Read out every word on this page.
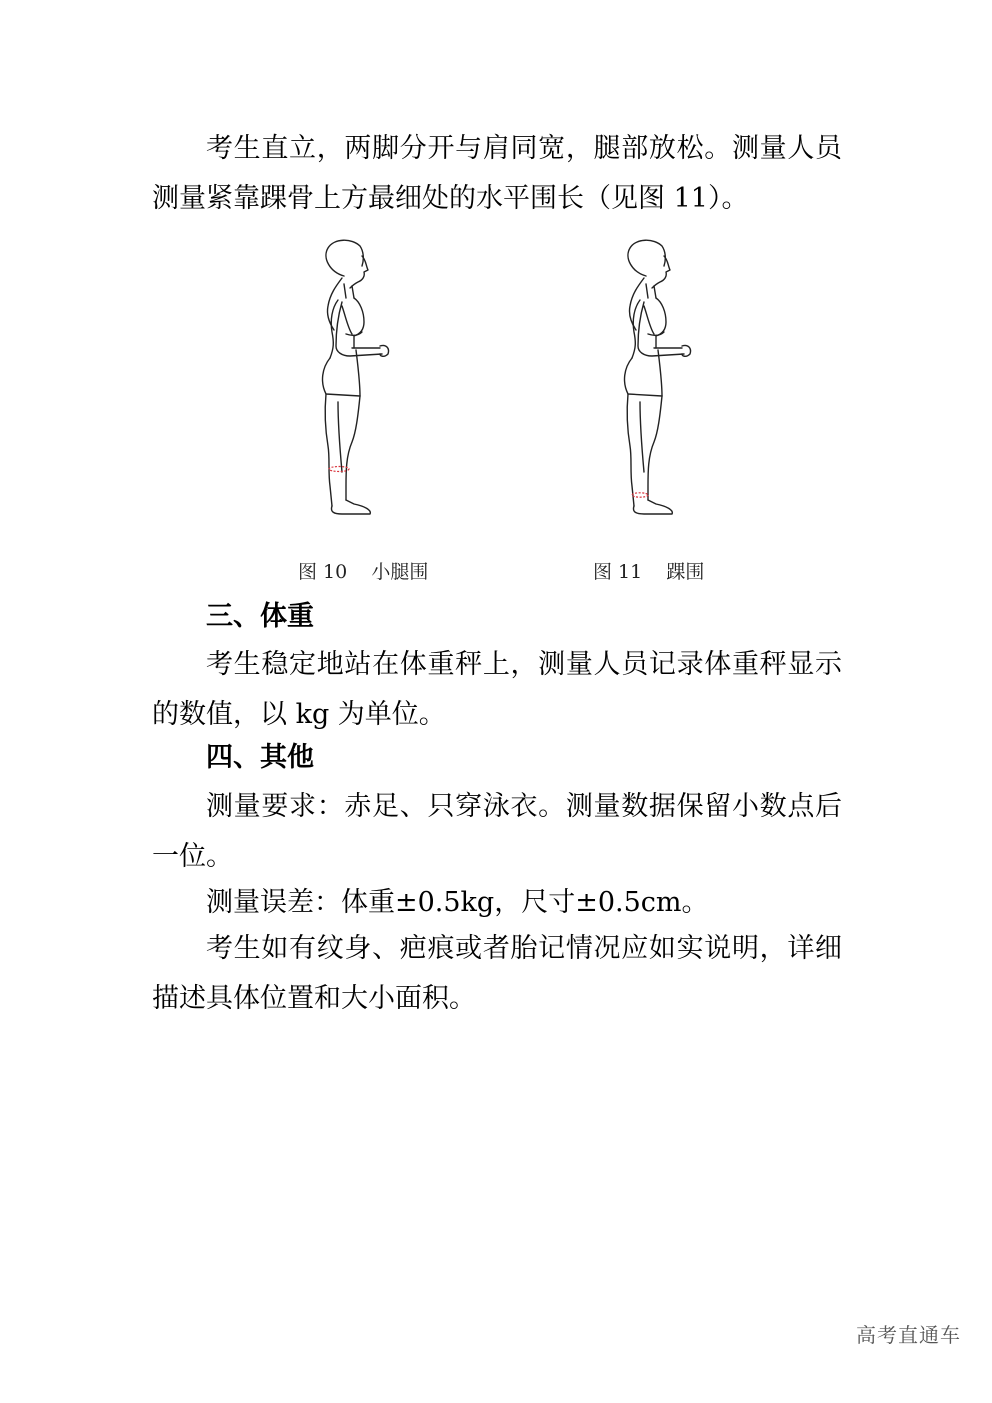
考生直立，两脚分开与肩同宽，腿部放松。测量人员测量紧靠踝骨上方最细处的水平围长（见图 11）。

图 10    小腿围	图 11    踝围
三、体重

考生稳定地站在体重秤上，测量人员记录体重秤显示的数值，以 kg 为单位。

四、其他

测量要求：赤足、只穿泳衣。测量数据保留小数点后一位。

测量误差：体重±0.5kg，尺寸±0.5cm。

考生如有纹身、疤痕或者胎记情况应如实说明，详细描述具体位置和大小面积。

高考直通车
